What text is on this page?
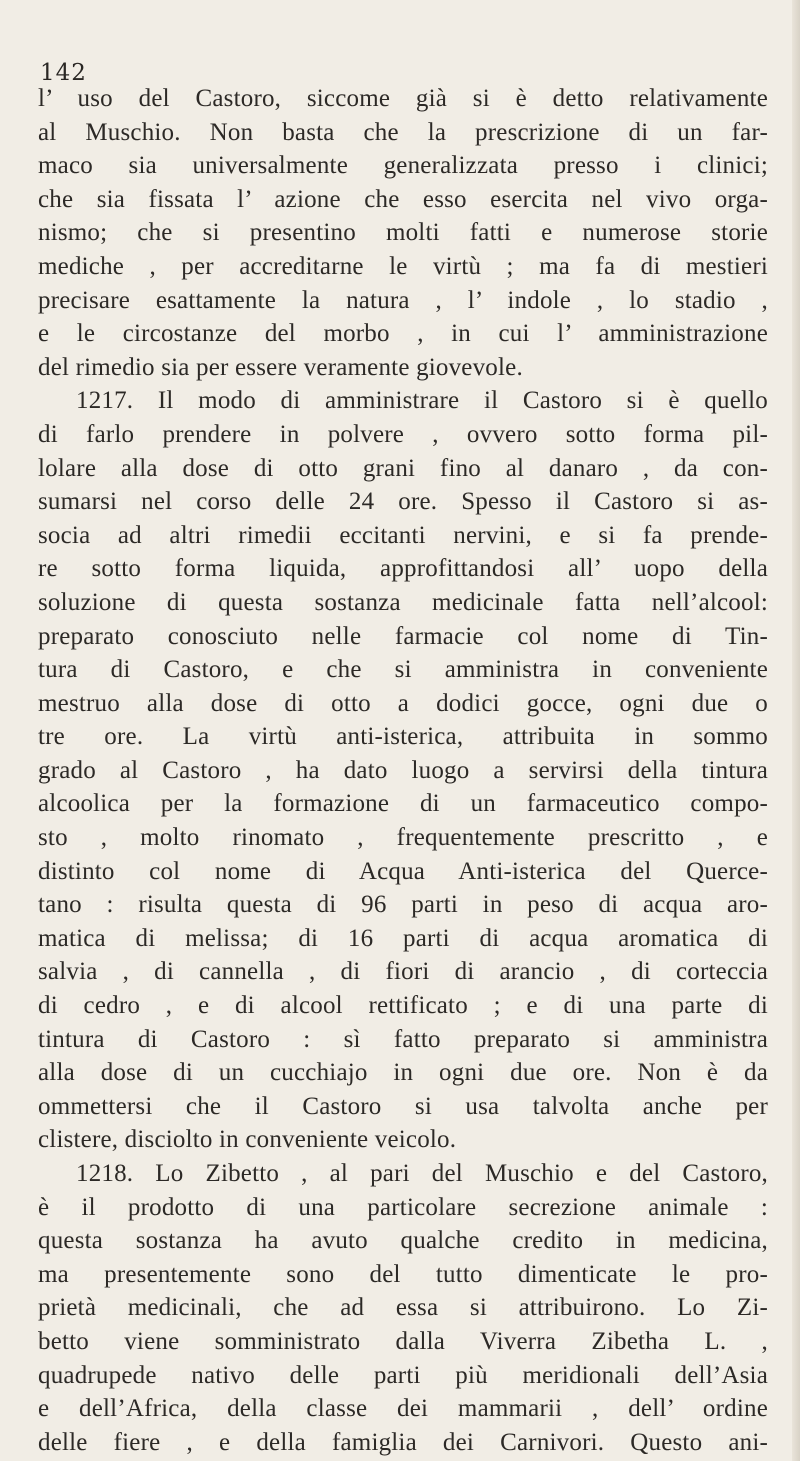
142
l’ uso del Castoro, siccome già si è detto relativamente
al Muschio. Non basta che la prescrizione di un far-
maco sia universalmente generalizzata presso i clinici;
che sia fissata l’ azione che esso esercita nel vivo orga-
nismo; che si presentino molti fatti e numerose storie
mediche , per accreditarne le virtù ; ma fa di mestieri
precisare esattamente la natura , l’ indole , lo stadio ,
e le circostanze del morbo , in cui l’ amministrazione
del rimedio sia per essere veramente giovevole.
1217. Il modo di amministrare il Castoro si è quello
di farlo prendere in polvere , ovvero sotto forma pil-
lolare alla dose di otto grani fino al danaro , da con-
sumarsi nel corso delle 24 ore. Spesso il Castoro si as-
socia ad altri rimedii eccitanti nervini, e si fa prende-
re sotto forma liquida, approfittandosi all’ uopo della
soluzione di questa sostanza medicinale fatta nell’alcool:
preparato conosciuto nelle farmacie col nome di Tin-
tura di Castoro, e che si amministra in conveniente
mestruo alla dose di otto a dodici gocce, ogni due o
tre ore. La virtù anti-isterica, attribuita in sommo
grado al Castoro , ha dato luogo a servirsi della tintura
alcoolica per la formazione di un farmaceutico compo-
sto , molto rinomato , frequentemente prescritto , e
distinto col nome di Acqua Anti-isterica del Querce-
tano : risulta questa di 96 parti in peso di acqua aro-
matica di melissa; di 16 parti di acqua aromatica di
salvia , di cannella , di fiori di arancio , di corteccia
di cedro , e di alcool rettificato ; e di una parte di
tintura di Castoro : sì fatto preparato si amministra
alla dose di un cucchiajo in ogni due ore. Non è da
ommettersi che il Castoro si usa talvolta anche per
clistere, disciolto in conveniente veicolo.
1218. Lo Zibetto , al pari del Muschio e del Castoro,
è il prodotto di una particolare secrezione animale :
questa sostanza ha avuto qualche credito in medicina,
ma presentemente sono del tutto dimenticate le pro-
prietà medicinali, che ad essa si attribuirono. Lo Zi-
betto viene somministrato dalla Viverra Zibetha L. ,
quadrupede nativo delle parti più meridionali dell’Asia
e dell’Africa, della classe dei mammarii , dell’ ordine
delle fiere , e della famiglia dei Carnivori. Questo ani-
